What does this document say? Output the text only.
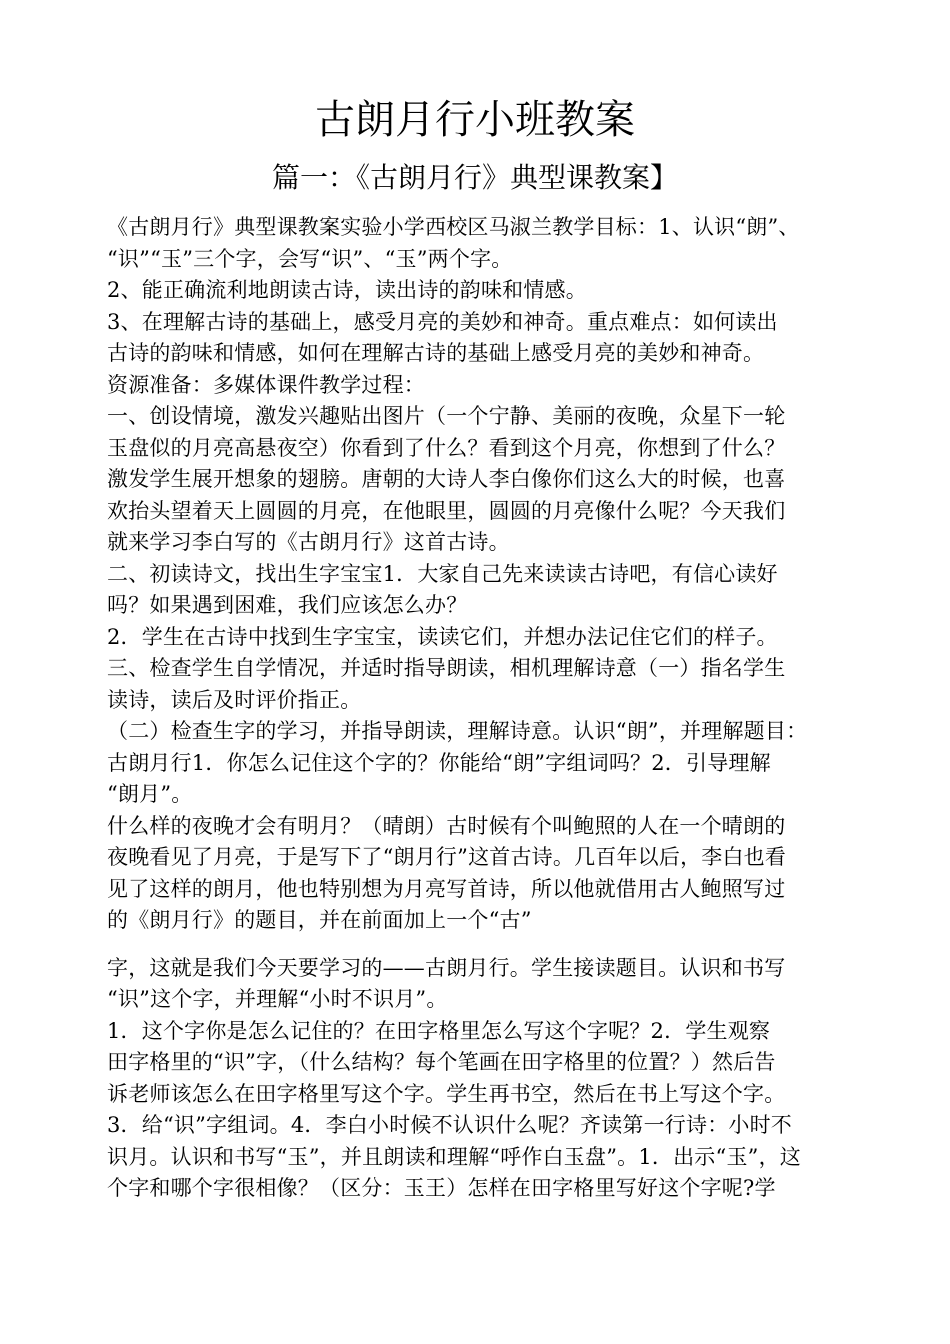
古朗月行小班教案
篇一：《古朗月行》典型课教案】
《古朗月行》典型课教案实验小学西校区马淑兰教学目标：1、认识“朗”、
“识”“玉”三个字，会写“识”、“玉”两个字。
2、能正确流利地朗读古诗，读出诗的韵味和情感。
3、在理解古诗的基础上，感受月亮的美妙和神奇。重点难点：如何读出
古诗的韵味和情感，如何在理解古诗的基础上感受月亮的美妙和神奇。
资源准备：多媒体课件教学过程：
一、创设情境，激发兴趣贴出图片（一个宁静、美丽的夜晚，众星下一轮
玉盘似的月亮高悬夜空）你看到了什么？看到这个月亮，你想到了什么？
激发学生展开想象的翅膀。唐朝的大诗人李白像你们这么大的时候，也喜
欢抬头望着天上圆圆的月亮，在他眼里，圆圆的月亮像什么呢？今天我们
就来学习李白写的《古朗月行》这首古诗。
二、初读诗文，找出生字宝宝1．大家自己先来读读古诗吧，有信心读好
吗？如果遇到困难，我们应该怎么办？
2．学生在古诗中找到生字宝宝，读读它们，并想办法记住它们的样子。
三、检查学生自学情况，并适时指导朗读，相机理解诗意（一）指名学生
读诗，读后及时评价指正。
（二）检查生字的学习，并指导朗读，理解诗意。认识“朗”，并理解题目：
古朗月行1．你怎么记住这个字的？你能给“朗”字组词吗？2．引导理解
“朗月”。
什么样的夜晚才会有明月？（晴朗）古时候有个叫鲍照的人在一个晴朗的
夜晚看见了月亮，于是写下了“朗月行”这首古诗。几百年以后，李白也看
见了这样的朗月，他也特别想为月亮写首诗，所以他就借用古人鲍照写过
的《朗月行》的题目，并在前面加上一个“古”
字，这就是我们今天要学习的——古朗月行。学生接读题目。认识和书写
“识”这个字，并理解“小时不识月”。
1．这个字你是怎么记住的？在田字格里怎么写这个字呢？2．学生观察
田字格里的“识”字，（什么结构？每个笔画在田字格里的位置？）然后告
诉老师该怎么在田字格里写这个字。学生再书空，然后在书上写这个字。
3．给“识”字组词。4．李白小时候不认识什么呢？齐读第一行诗：小时不
识月。认识和书写“玉”，并且朗读和理解“呼作白玉盘”。1．出示“玉”，这
个字和哪个字很相像？（区分：玉王）怎样在田字格里写好这个字呢?学
